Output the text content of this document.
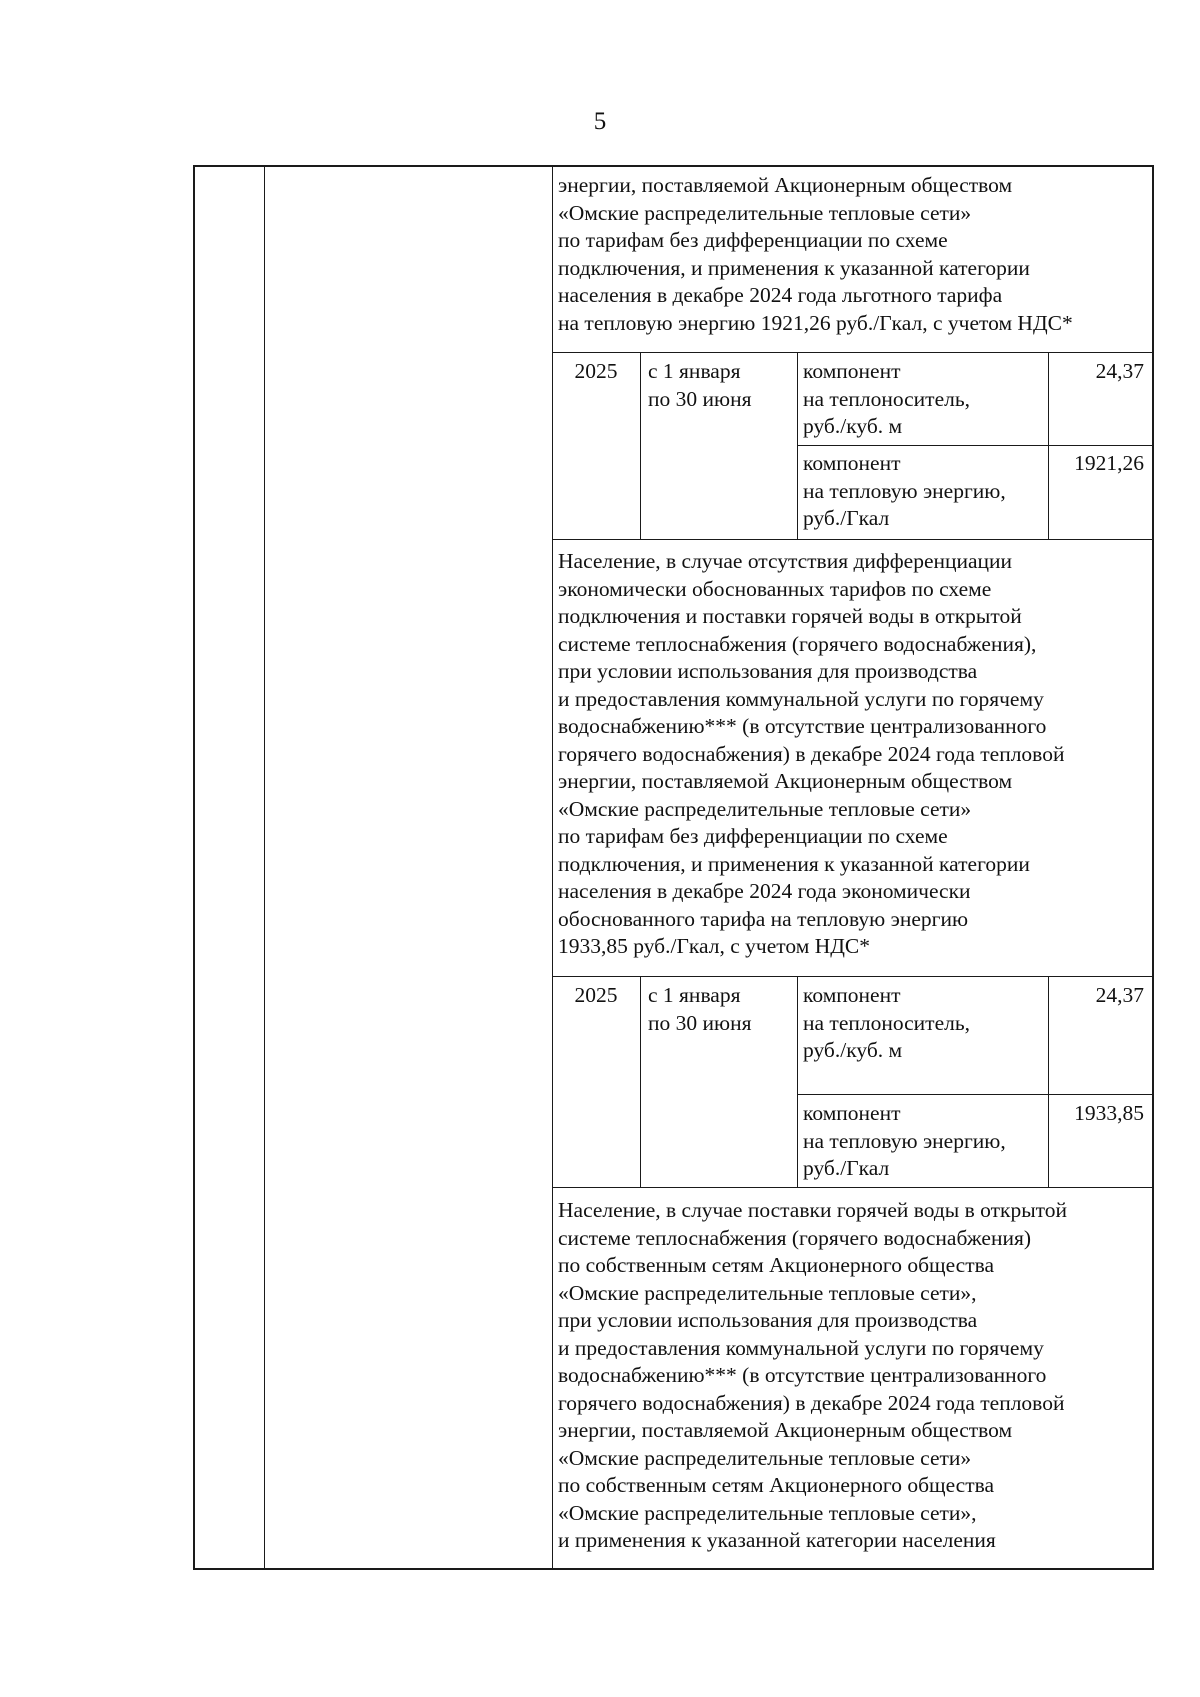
5
энергии, поставляемой Акционерным обществом
«Омские распределительные тепловые сети»
по тарифам без дифференциации по схеме
подключения, и применения к указанной категории
населения в декабре 2024 года льготного тарифа
на тепловую энергию 1921,26 руб./Гкал, с учетом НДС*
2025	с 1 января
по 30 июня
компонент
на теплоноситель,
руб./куб. м
24,37
компонент
на тепловую энергию,
руб./Гкал
1921,26
Население, в случае отсутствия дифференциации
экономически обоснованных тарифов по схеме
подключения и поставки горячей воды в открытой
системе теплоснабжения (горячего водоснабжения),
при условии использования для производства
и предоставления коммунальной услуги по горячему
водоснабжению*** (в отсутствие централизованного
горячего водоснабжения) в декабре 2024 года тепловой
энергии, поставляемой Акционерным обществом
«Омские распределительные тепловые сети»
по тарифам без дифференциации по схеме
подключения, и применения к указанной категории
населения в декабре 2024 года экономически
обоснованного тарифа на тепловую энергию
1933,85 руб./Гкал, с учетом НДС*
2025	с 1 января
по 30 июня
компонент
на теплоноситель,
руб./куб. м
24,37
компонент
на тепловую энергию,
руб./Гкал
1933,85
Население, в случае поставки горячей воды в открытой
системе теплоснабжения (горячего водоснабжения)
по собственным сетям Акционерного общества
«Омские распределительные тепловые сети»,
при условии использования для производства
и предоставления коммунальной услуги по горячему
водоснабжению*** (в отсутствие централизованного
горячего водоснабжения) в декабре 2024 года тепловой
энергии, поставляемой Акционерным обществом
«Омские распределительные тепловые сети»
по собственным сетям Акционерного общества
«Омские распределительные тепловые сети»,
и применения к указанной категории населения
